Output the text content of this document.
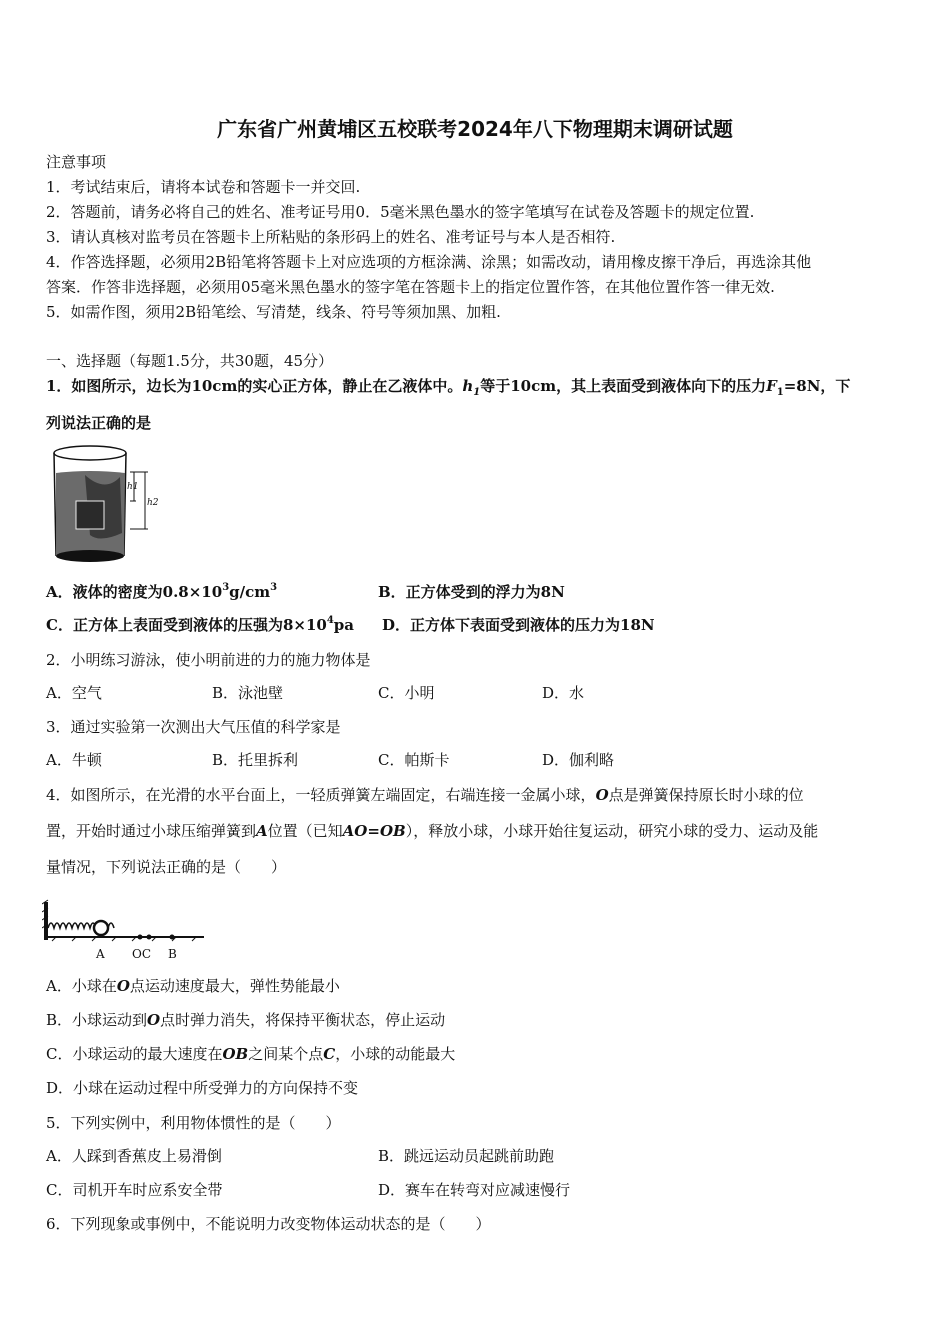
广东省广州黄埔区五校联考2024年八下物理期末调研试题
注意事项
1．考试结束后，请将本试卷和答题卡一并交回.
2．答题前，请务必将自己的姓名、准考证号用0．5毫米黑色墨水的签字笔填写在试卷及答题卡的规定位置.
3．请认真核对监考员在答题卡上所粘贴的条形码上的姓名、准考证号与本人是否相符.
4．作答选择题，必须用2B铅笔将答题卡上对应选项的方框涂满、涂黑；如需改动，请用橡皮擦干净后，再选涂其他
答案．作答非选择题，必须用05毫米黑色墨水的签字笔在答题卡上的指定位置作答，在其他位置作答一律无效.
5．如需作图，须用2B铅笔绘、写清楚，线条、符号等须加黑、加粗.
一、选择题（每题1.5分，共30题，45分）
1．如图所示，边长为10cm的实心正方体，静止在乙液体中。$h_1$等于10cm，其上表面受到液体向下的压力$F_1=8N$，下
列说法正确的是
h1
h2
A．液体的密度为$0.8\times 10^3g/cm^3$	B．正方体受到的浮力为8N
C．正方体上表面受到液体的压强为$8\times 10^4pa$ D．正方体下表面受到液体的压力为18N
2．小明练习游泳，使小明前进的力的施力物体是
A．空气	B．泳池壁	C．小明	D．水
3．通过实验第一次测出大气压值的科学家是
A．牛顿	B．托里拆利	C．帕斯卡	D．伽利略
4．如图所示，在光滑的水平台面上，一轻质弹簧左端固定，右端连接一金属小球，O点是弹簧保持原长时小球的位
置，开始时通过小球压缩弹簧到A位置（已知AO=OB），释放小球，小球开始往复运动，研究小球的受力、运动及能
量情况，下列说法正确的是（　　）
A OC B
A．小球在O点运动速度最大，弹性势能最小
B．小球运动到O点时弹力消失，将保持平衡状态，停止运动
C．小球运动的最大速度在OB之间某个点C，小球的动能最大
D．小球在运动过程中所受弹力的方向保持不变
5．下列实例中，利用物体惯性的是（　　）
A．人踩到香蕉皮上易滑倒	B．跳远运动员起跳前助跑
C．司机开车时应系安全带	D．赛车在转弯对应减速慢行
6．下列现象或事例中，不能说明力改变物体运动状态的是（　　）
